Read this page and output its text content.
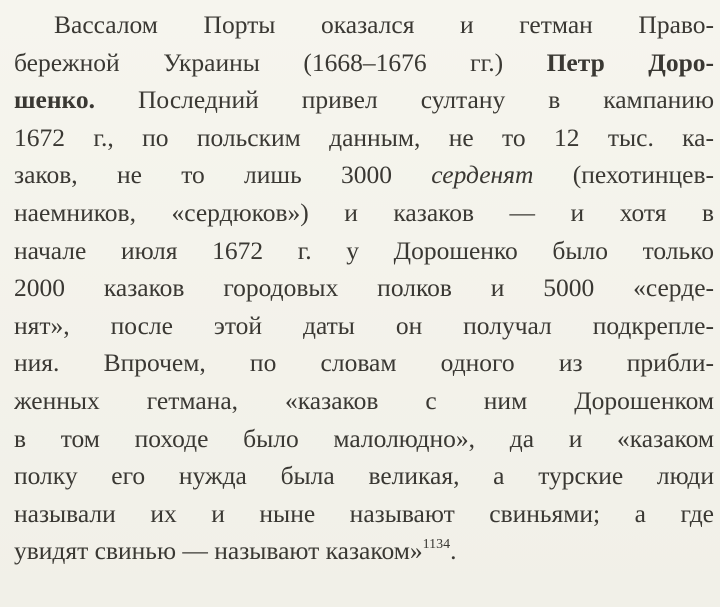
Вассалом Порты оказался и гетман Право-
бережной Украины (1668–1676 гг.) Петр Доро-
шенко. Последний привел султану в кампанию
1672 г., по польским данным, не то 12 тыс. ка-
заков, не то лишь 3000 серденят (пехотинцев-
наемников, «сердюков») и казаков — и хотя в
начале июля 1672 г. у Дорошенко было только
2000 казаков городовых полков и 5000 «серде-
нят», после этой даты он получал подкрепле-
ния. Впрочем, по словам одного из прибли-
женных гетмана, «казаков с ним Дорошенком
в том походе было малолюдно», да и «казаком
полку его нужда была великая, а турские люди
называли их и ныне называют свиньями; а где
увидят свинью — называют казаком»$^{1134}$.
